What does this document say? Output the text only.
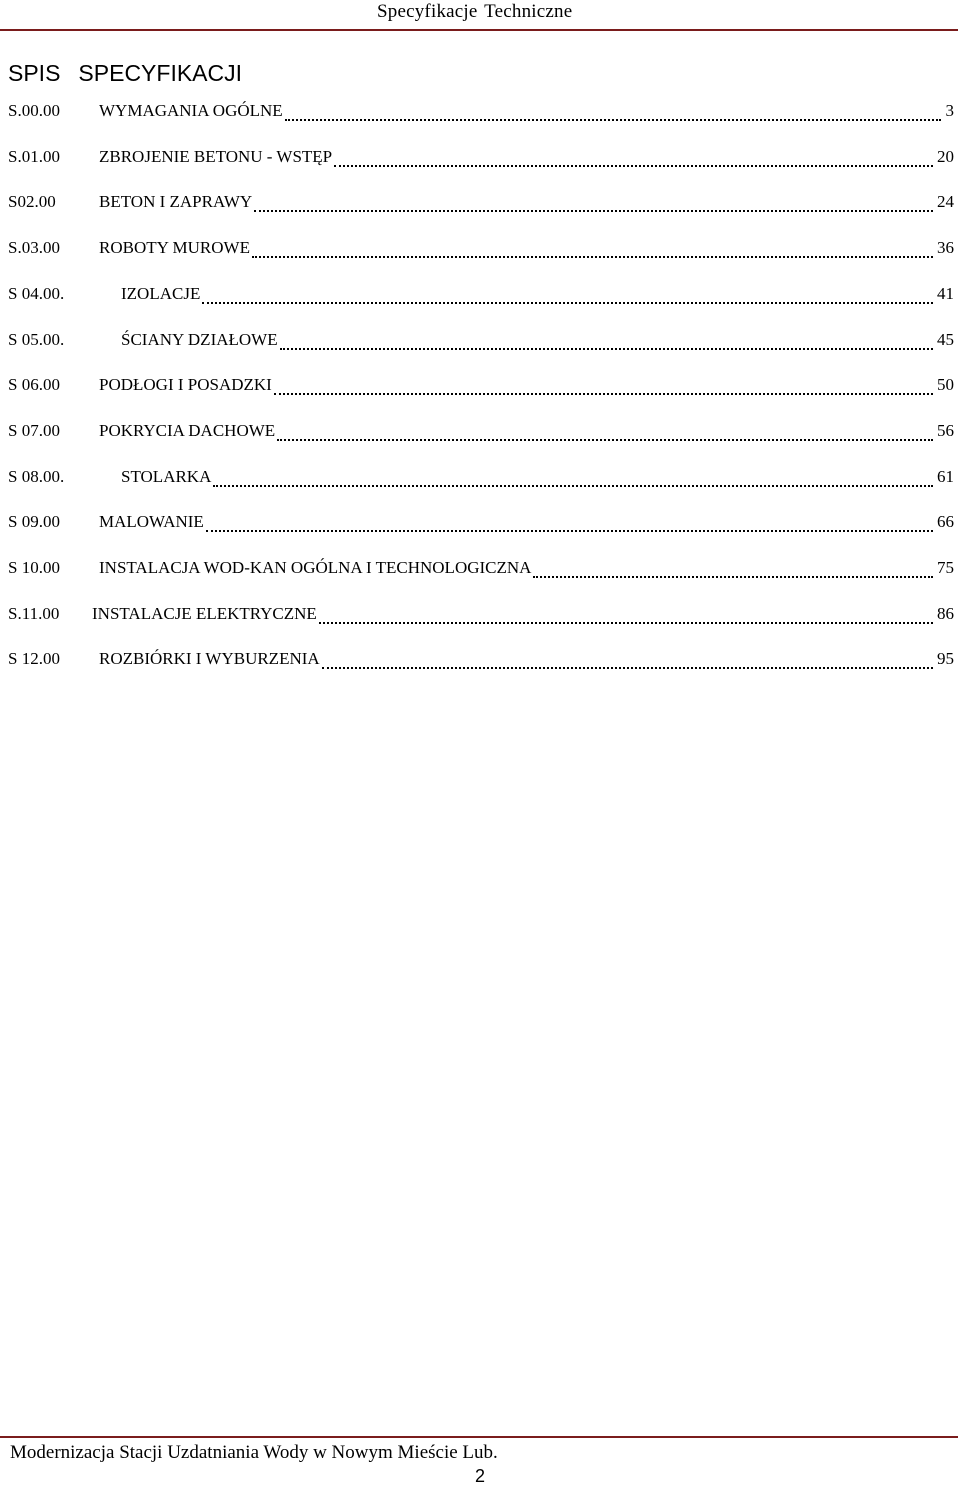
Specyfikacje Techniczne
SPIS SPECYFIKACJI
S.00.00 WYMAGANIA OGÓLNE	3
S.01.00 ZBROJENIE BETONU - WSTĘP	20
S02.00	BETON I ZAPRAWY	24
S.03.00 ROBOTY MUROWE	36
S 04.00.	IZOLACJE	41
S 05.00.	ŚCIANY DZIAŁOWE	45
S 06.00 PODŁOGI I POSADZKI	50
S 07.00 POKRYCIA DACHOWE	56
S 08.00.	STOLARKA	61
S 09.00 MALOWANIE	66
S 10.00 INSTALACJA WOD-KAN OGÓLNA I TECHNOLOGICZNA	75
S.11.00 INSTALACJE ELEKTRYCZNE	86
S 12.00 ROZBIÓRKI I WYBURZENIA	95
Modernizacja Stacji Uzdatniania Wody w Nowym Mieście Lub.
2
